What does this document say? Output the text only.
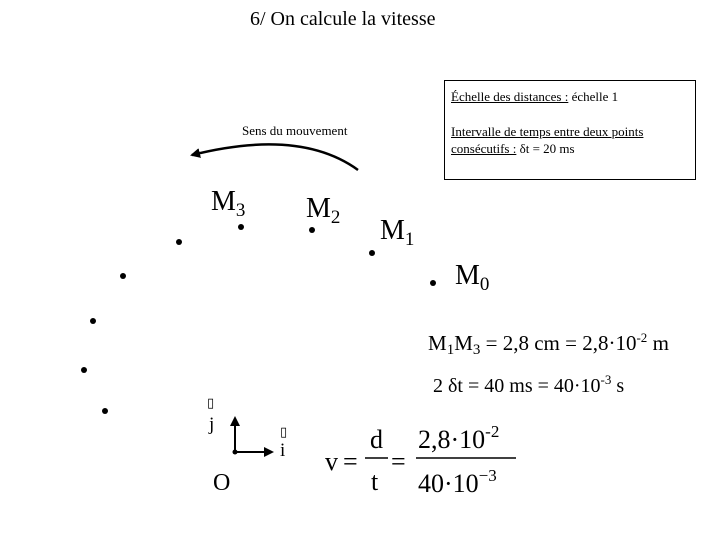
6/ On calcule la vitesse
Échelle des distances : échelle 1
Intervalle de temps entre deux points
consécutifs : δt = 20 ms
Sens du mouvement
v =
d
t
=
$2,8\cdot 10^{-2}$
$40\cdot 10^{-3}$
$M_3$ $M_2$ $M_1$
$M_0$
$M_1M_3 = 2,8$ cm = $2,8\cdot 10^{-2}$ m
2 δt = 40 ms = $40\cdot 10^{-3}$ s
▯
▯
j
i
O
